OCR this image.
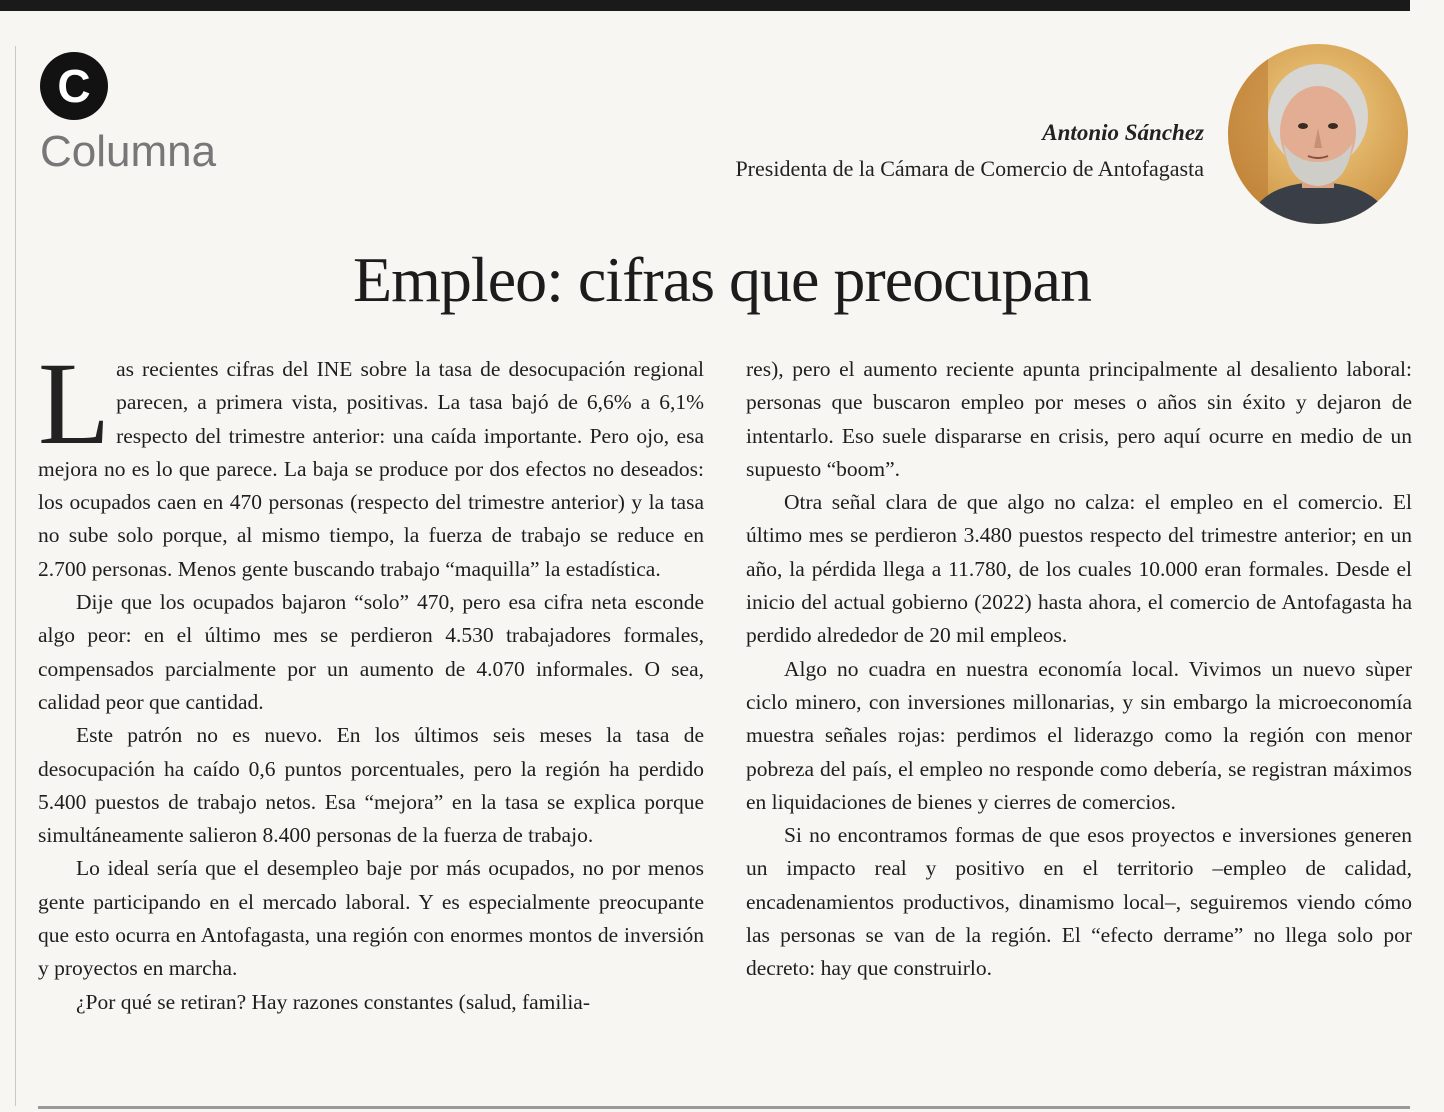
C
Columna	Antonio Sánchez
Presidenta de la Cámara de Comercio de Antofagasta
Empleo: cifras que preocupan

Las recientes cifras del INE sobre la tasa de desocupación regional parecen, a primera vista, positivas. La tasa bajó de 6,6% a 6,1% respecto del trimestre anterior: una caída importante. Pero ojo, esa mejora no es lo que parece. La baja se produce por dos efectos no deseados: los ocupados caen en 470 personas (respecto del trimestre anterior) y la tasa no sube solo porque, al mismo tiempo, la fuerza de trabajo se reduce en 2.700 personas. Menos gente buscando trabajo “maquilla” la estadística.

Dije que los ocupados bajaron “solo” 470, pero esa cifra neta esconde algo peor: en el último mes se perdieron 4.530 trabajadores formales, compensados parcialmente por un aumento de 4.070 informales. O sea, calidad peor que cantidad.

Este patrón no es nuevo. En los últimos seis meses la tasa de desocupación ha caído 0,6 puntos porcentuales, pero la región ha perdido 5.400 puestos de trabajo netos. Esa “mejora” en la tasa se explica porque simultáneamente salieron 8.400 personas de la fuerza de trabajo.

Lo ideal sería que el desempleo baje por más ocupados, no por menos gente participando en el mercado laboral. Y es especialmente preocupante que esto ocurra en Antofagasta, una región con enormes montos de inversión y proyectos en marcha.

¿Por qué se retiran? Hay razones constantes (salud, familia-

res), pero el aumento reciente apunta principalmente al desaliento laboral: personas que buscaron empleo por meses o años sin éxito y dejaron de intentarlo. Eso suele dispararse en crisis, pero aquí ocurre en medio de un supuesto “boom”.

Otra señal clara de que algo no calza: el empleo en el comercio. El último mes se perdieron 3.480 puestos respecto del trimestre anterior; en un año, la pérdida llega a 11.780, de los cuales 10.000 eran formales. Desde el inicio del actual gobierno (2022) hasta ahora, el comercio de Antofagasta ha perdido alrededor de 20 mil empleos.

Algo no cuadra en nuestra economía local. Vivimos un nuevo sùper ciclo minero, con inversiones millonarias, y sin embargo la microeconomía muestra señales rojas: perdimos el liderazgo como la región con menor pobreza del país, el empleo no responde como debería, se registran máximos en liquidaciones de bienes y cierres de comercios.

Si no encontramos formas de que esos proyectos e inversiones generen un impacto real y positivo en el territorio –empleo de calidad, encadenamientos productivos, dinamismo local–, seguiremos viendo cómo las personas se van de la región. El “efecto derrame” no llega solo por decreto: hay que construirlo.
